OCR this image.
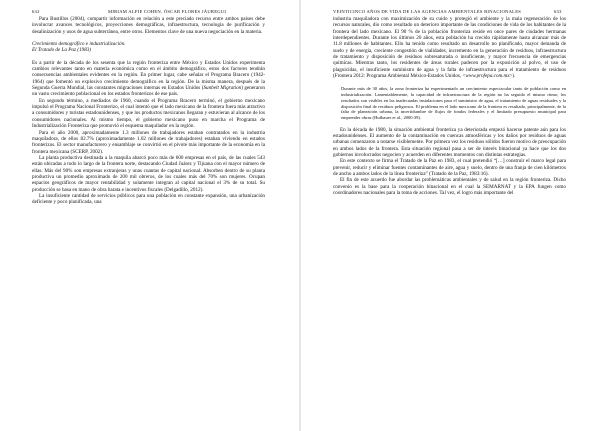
632	MIRIAM ALFIE COHEN, ÓSCAR FLORES JÁUREGUI

Para Bustillos (2004), compartir información en relación a este preciado recurso entre ambos países debe involucrar avances tecnológicos, proyecciones demográficas, infraestructura, tecnología de purificación y desalinización y usos de agua subterránea, entre otros. Elementos clave de una nueva negociación en la materia.

Crecimiento demográfico e industrialización.

El Tratado de La Paz (1983)

Es a partir de la década de los sesenta que la región fronteriza entre México y Estados Unidos experimenta cambios relevantes tanto en materia económica como en el ámbito demográfico, estos dos factores tendrán consecuencias ambientales evidentes en la región. En primer lugar, cabe señalar el Programa Bracero (1942-1964) que fomentó un explosivo crecimiento demográfico en la región. De la misma manera, después de la Segunda Guerra Mundial, las constantes migraciones internas en Estados Unidos (Sunbelt Migration) generaron un vasto crecimiento poblacional en los estados fronterizos de ese país.

En segundo término, a mediados de 1960, cuando el Programa Bracero terminó, el gobierno mexicano impulsó el Programa Nacional Fronterizo, el cual intentó que el lado mexicano de la frontera fuera más atractivo a consumidores y turistas estadounidenses, y que los productos mexicanos llegaran y estuvieran al alcance de los consumidores nacionales. Al mismo tiempo, el gobierno mexicano puso en marcha el Programa de Industrialización Fronteriza que promovió el esquema maquilador en la región.

Para el año 2000, aproximadamente 1.3 millones de trabajadores estaban contratados en la industria maquiladora, de ellos 82.7% (aproximadamente 1.02 millones de trabajadores) estaban viviendo en estados fronterizos. El sector manufacturero y ensamblaje se convirtió en el pivote más importante de la economía en la frontera mexicana (SCERP, 2002).

La planta productiva destinada a la maquila abarcó poco más de 600 empresas en el país, de las cuales 543 están ubicadas a todo lo largo de la frontera norte, destacando Ciudad Juárez y Tijuana con el mayor número de ellas. Más del 90% son empresas extranjeras y unas cuantas de capital nacional. Absorben dentro de su planta productiva un promedio aproximado de 200 mil obreros, de los cuales más del 70% son mujeres. Ocupan espacios geográficos de mayor rentabilidad y solamente integran al capital nacional el 3% de su total. Su producción se basa en mano de obra barata e incentivos fiscales (Delgadillo, 2012).

La insuficiente cantidad de servicios públicos para una población en constante expansión, una urbanización deficiente y poco planificada, una

VEINTICINCO AÑOS DE VIDA DE LAS AGENCIAS AMBIENTALES BINACIONALES	633

industria maquiladora con maximización de su cuido y protegió el ambiente y la mala regeneración de los recursos naturales, dio como resultado un deterioro importante de las condiciones de vida de los habitantes de la frontera del lado mexicano. El 90 % de la población fronteriza reside en once pares de ciudades hermanas interdependientes. Durante los últimos 20 años, esta población ha crecido rápidamente hasta alcanzar más de 11.8 millones de habitantes. Ello ha tenido como resultado un desarrollo no planificado, mayor demanda de suelo y de energía, creciente congestión de vialidades, incremento en la generación de residuos, infraestructura de tratamiento y disposición de residuos sobresaturada o insuficiente, y mayor frecuencia de emergencias químicas. Mientras tanto, los residentes de áreas rurales padecen por la exposición al polvo, el uso de plaguicidas, el insuficiente suministro de agua y la falta de infraestructura para el tratamiento de residuos (Frontera 2012: Programa Ambiental México-Estados Unidos, <www.profepa.com.mx>).

Durante más de 30 años, la zona fronteriza ha experimentado un crecimiento espectacular tanto de población como en industrialización. Lamentablemente, la capacidad de infraestructura de la región no ha seguido el mismo ritmo; los resultados son visibles en las inadecuadas instalaciones para el suministro de agua, el tratamiento de aguas residuales y la disposición final de residuos peligrosos. El problema en el lado mexicano de la frontera es resultado, principalmente, de la falta de planeación urbana, la incertidumbre de flujos de fondos federales y el limitado presupuesto municipal para emprender obras (Hufbauer et al., 2000:39).

En la década de 1980, la situación ambiental fronteriza ya deteriorada empezó hacerse patente aún para los estadounidenses. El aumento de la contaminación en cuencas atmosféricas y los daños por residuos de aguas urbanas comenzaron a notarse visiblemente. Por primera vez los residuos sólidos fueron motivo de preocupación en ambos lados de la frontera. Esta situación regional pasa a ser de interés binacional ya hace que los dos gobiernos involucrados negocien y acuerden en diferentes momentos con distintas estrategias.

En este contexto se firma el Tratado de la Paz en 1983, el cual pretendió “[…] construir el marco legal para prevenir, reducir y eliminar fuentes contaminantes de aire, agua y suelo, dentro de una franja de cien kilómetros de ancho a ambos lados de la línea fronteriza” (Tratado de la Paz, 1983:16).

El fin de este acuerdo fue abordar las problemáticas ambientales y de salud en la región fronteriza. Dicho convenio es la base para la cooperación binacional en el cual la SEMARNAT y la EPA fungen como coordinadores nacionales para la toma de acciones. Tal vez, el logro más importante del
